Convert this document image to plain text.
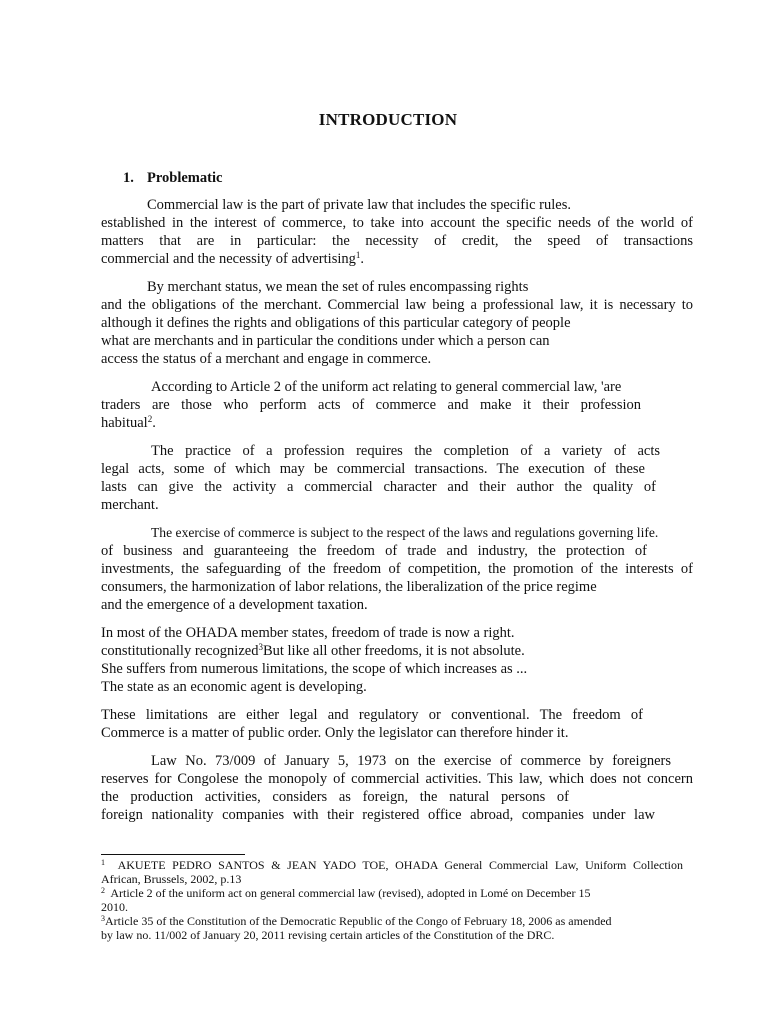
INTRODUCTION
1. Problematic
Commercial law is the part of private law that includes the specific rules.
established in the interest of commerce, to take into account the specific needs of the world of
matters that are in particular: the necessity of credit, the speed of transactions
commercial and the necessity of advertising$^1$.
By merchant status, we mean the set of rules encompassing rights
and the obligations of the merchant. Commercial law being a professional law, it is necessary to
although it defines the rights and obligations of this particular category of people
what are merchants and in particular the conditions under which a person can
access the status of a merchant and engage in commerce.
According to Article 2 of the uniform act relating to general commercial law, 'are
traders are those who perform acts of commerce and make it their profession
habitual$^2$.
The practice of a profession requires the completion of a variety of acts
legal acts, some of which may be commercial transactions. The execution of these
lasts can give the activity a commercial character and their author the quality of
merchant.
The exercise of commerce is subject to the respect of the laws and regulations governing life.
of business and guaranteeing the freedom of trade and industry, the protection of
investments, the safeguarding of the freedom of competition, the promotion of the interests of
consumers, the harmonization of labor relations, the liberalization of the price regime
and the emergence of a development taxation.
In most of the OHADA member states, freedom of trade is now a right.
constitutionally recognized$^3$But like all other freedoms, it is not absolute.
She suffers from numerous limitations, the scope of which increases as ...
The state as an economic agent is developing.
These limitations are either legal and regulatory or conventional. The freedom of
Commerce is a matter of public order. Only the legislator can therefore hinder it.
Law No. 73/009 of January 5, 1973 on the exercise of commerce by foreigners
reserves for Congolese the monopoly of commercial activities. This law, which does not concern
the production activities, considers as foreign, the natural persons of
foreign nationality companies with their registered office abroad, companies under law
$^1$ AKUETE PEDRO SANTOS & JEAN YADO TOE, OHADA General Commercial Law, Uniform Collection
African, Brussels, 2002, p.13
$^2$ Article 2 of the uniform act on general commercial law (revised), adopted in Lomé on December 15
2010.
$^3$Article 35 of the Constitution of the Democratic Republic of the Congo of February 18, 2006 as amended
by law no. 11/002 of January 20, 2011 revising certain articles of the Constitution of the DRC.
